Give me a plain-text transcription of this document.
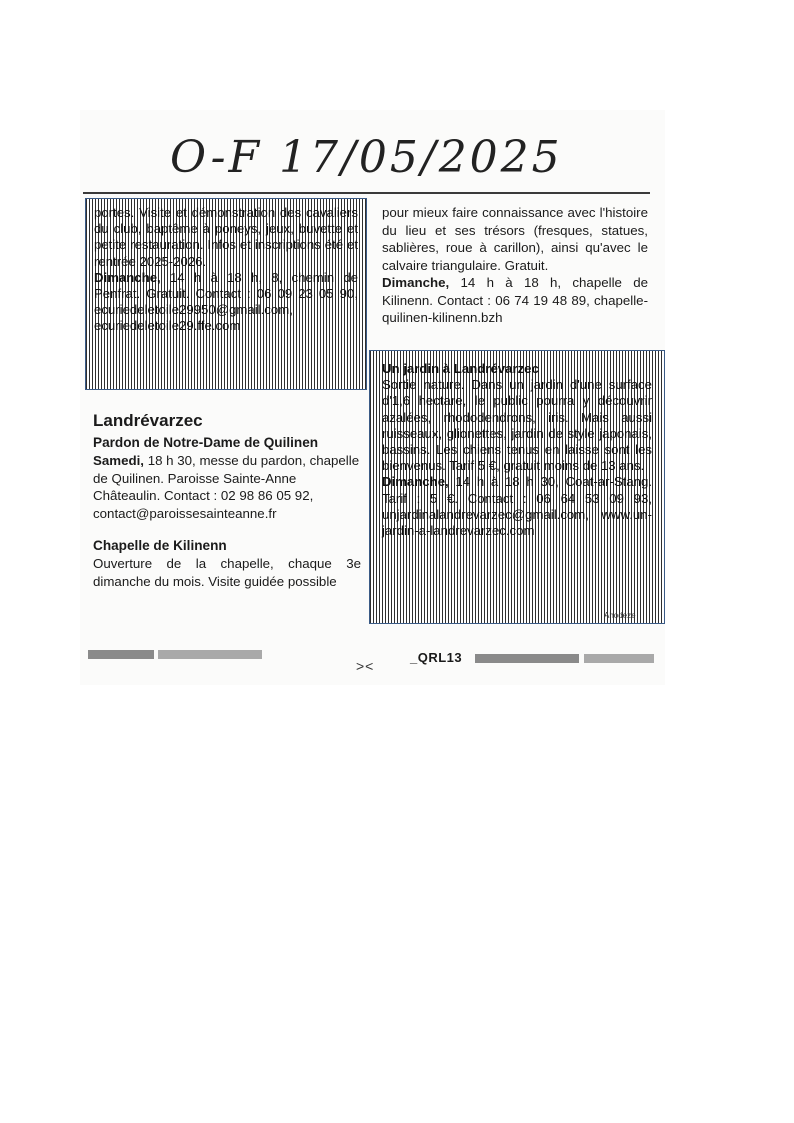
O-F 17/05/2025
portes. Visite et démonstration des cavaliers du club, baptême à poneys, jeux, buvette et petite restauration. Infos et inscriptions été et rentrée 2025-2026.
Dimanche, 14 h à 18 h, 8, chemin de Penfrat. Gratuit. Contact : 06 09 23 05 90, ecuriedeletoile29950@gmail.com, ecuriedeletoile29.ffe.com
pour mieux faire connaissance avec l'histoire du lieu et ses trésors (fresques, statues, sablières, roue à carillon), ainsi qu'avec le calvaire triangulaire. Gratuit.
Dimanche, 14 h à 18 h, chapelle de Kilinenn. Contact : 06 74 19 48 89, chapelle-quilinen-kilinenn.bzh
Landrévarzec
Pardon de Notre-Dame de Quilinen
Samedi, 18 h 30, messe du pardon, chapelle de Quilinen. Paroisse Sainte-Anne Châteaulin. Contact : 02 98 86 05 92, contact@paroissesainteanne.fr
Chapelle de Kilinenn
Ouverture de la chapelle, chaque 3e dimanche du mois. Visite guidée possible
Un jardin à Landrévarzec
Sortie nature. Dans un jardin d'une surface d'1,6 hectare, le public pourra y découvrir azalées, rhododendrons, iris. Mais aussi ruisseaux, glionettes, jardin de style japonais, bassins. Les chiens tenus en laisse sont les bienvenus. Tarif 5 €, gratuit moins de 13 ans.
Dimanche, 14 h à 18 h 30, Coat-ar-Stang. Tarif : 5 €. Contact : 06 64 53 09 93, unjardinalandrevarzec@gmail.com, www.un-jardin-a-landrevarzec.com
Ahodeze
><
_QRL13
